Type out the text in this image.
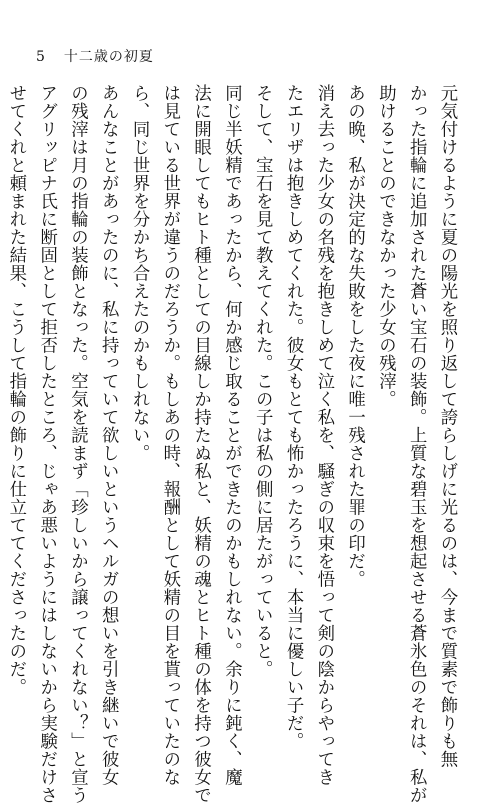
5 十二歳の初夏

元気付けるように夏の陽光を照り返して誇らしげに光るのは、今まで質素で飾りも無

かった指輪に追加された蒼い宝石の装飾。上質な碧玉を想起させる蒼氷色のそれは、私が

助けることのできなかった少女の残滓。

あの晩、私が決定的な失敗をした夜に唯一残された罪の印だ。

消え去った少女の名残を抱きしめて泣く私を、騒ぎの収束を悟って剣の陰からやってき

たエリザは抱きしめてくれた。彼女もとても怖かったろうに、本当に優しい子だ。

そして、宝石を見て教えてくれた。この子は私の側に居たがっていると。

同じ半妖精であったから、何か感じ取ることができたのかもしれない。余りに鈍く、魔

法に開眼してもヒト種としての目線しか持たぬ私と、妖精の魂とヒト種の体を持つ彼女で

は見ている世界が違うのだろうか。もしあの時、報酬として妖精の目を貰っていたのな

ら、同じ世界を分かち合えたのかもしれない。

あんなことがあったのに、私に持っていて欲しいというヘルガの想いを引き継いで彼女

の残滓は月の指輪の装飾となった。空気を読まず「珍しいから譲ってくれない？」と宣う

アグリッピナ氏に断固として拒否したところ、じゃあ悪いようにはしないから実験だけさ

せてくれと頼まれた結果、こうして指輪の飾りに仕立ててくださったのだ。
